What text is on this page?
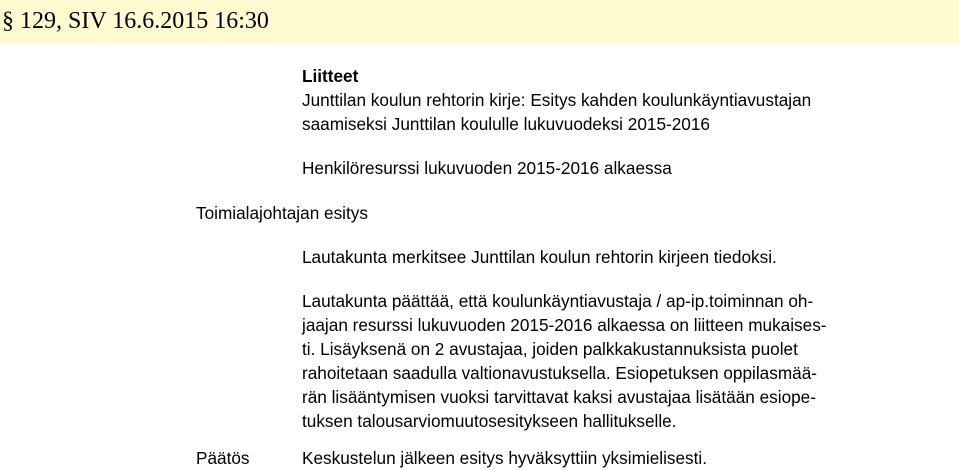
§ 129, SIV 16.6.2015 16:30
Liitteet
Junttilan koulun rehtorin kirje: Esitys kahden koulunkäyntiavustajan
saamiseksi Junttilan koululle lukuvuodeksi 2015-2016
Henkilöresurssi lukuvuoden 2015-2016 alkaessa
Toimialajohtajan esitys
Lautakunta merkitsee Junttilan koulun rehtorin kirjeen tiedoksi.
Lautakunta päättää, että koulunkäyntiavustaja / ap-ip.toiminnan oh-
jaajan resurssi lukuvuoden 2015-2016 alkaessa on liitteen mukaises-
ti. Lisäyksenä on 2 avustajaa, joiden palkkakustannuksista puolet
rahoitetaan saadulla valtionavustuksella. Esiopetuksen oppilasmää-
rän lisääntymisen vuoksi tarvittavat kaksi avustajaa lisätään esiope-
tuksen talousarviomuutosesitykseen hallitukselle.
Päätös	Keskustelun jälkeen esitys hyväksyttiin yksimielisesti.
